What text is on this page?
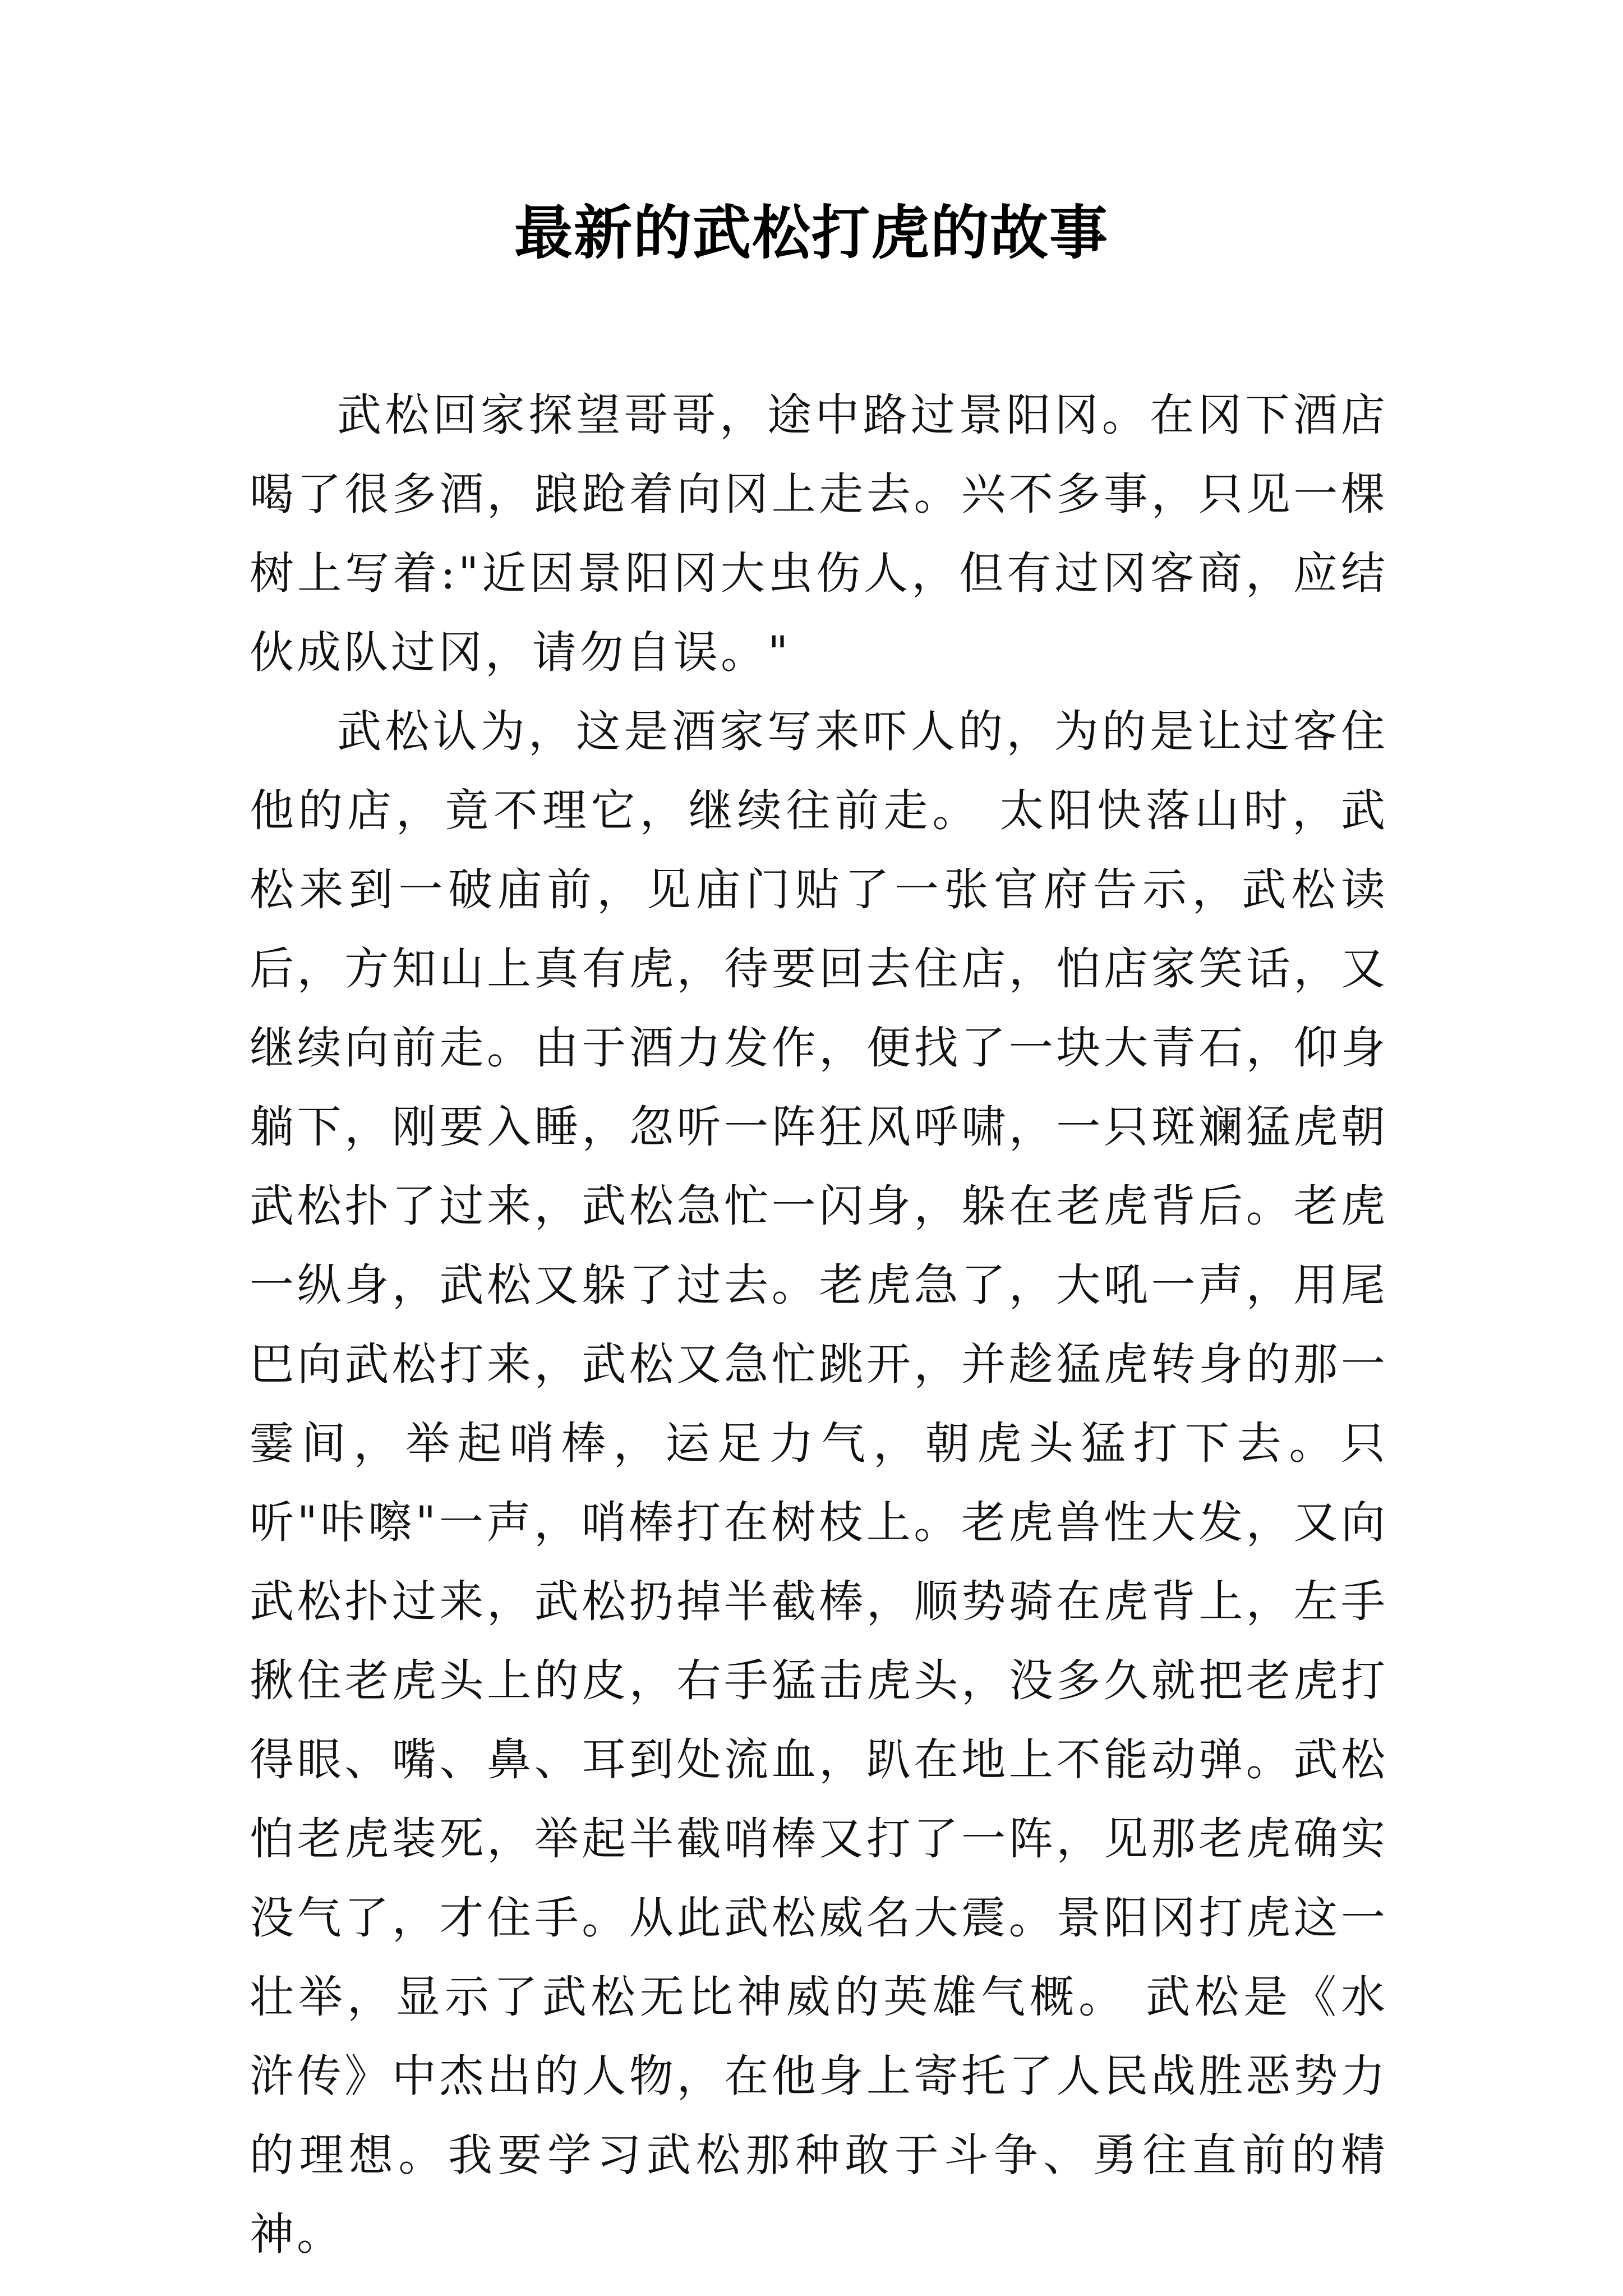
最新的武松打虎的故事

武松回家探望哥哥，途中路过景阳冈。在冈下酒店喝了很多酒，踉跄着向冈上走去。兴不多事，只见一棵树上写着:"近因景阳冈大虫伤人，但有过冈客商，应结伙成队过冈，请勿自误。"

武松认为，这是酒家写来吓人的，为的是让过客住他的店，竟不理它，继续往前走。 太阳快落山时，武松来到一破庙前，见庙门贴了一张官府告示，武松读后，方知山上真有虎，待要回去住店，怕店家笑话，又继续向前走。由于酒力发作，便找了一块大青石，仰身躺下，刚要入睡，忽听一阵狂风呼啸，一只斑斓猛虎朝武松扑了过来，武松急忙一闪身，躲在老虎背后。老虎一纵身，武松又躲了过去。老虎急了，大吼一声，用尾巴向武松打来，武松又急忙跳开，并趁猛虎转身的那一霎间，举起哨棒，运足力气，朝虎头猛打下去。只听"咔嚓"一声，哨棒打在树枝上。老虎兽性大发，又向武松扑过来，武松扔掉半截棒，顺势骑在虎背上，左手揪住老虎头上的皮，右手猛击虎头，没多久就把老虎打得眼、嘴、鼻、耳到处流血，趴在地上不能动弹。武松怕老虎装死，举起半截哨棒又打了一阵，见那老虎确实没气了，才住手。从此武松威名大震。景阳冈打虎这一壮举，显示了武松无比神威的英雄气概。 武松是《水浒传》中杰出的人物，在他身上寄托了人民战胜恶势力的理想。我要学习武松那种敢于斗争、勇往直前的精神。
